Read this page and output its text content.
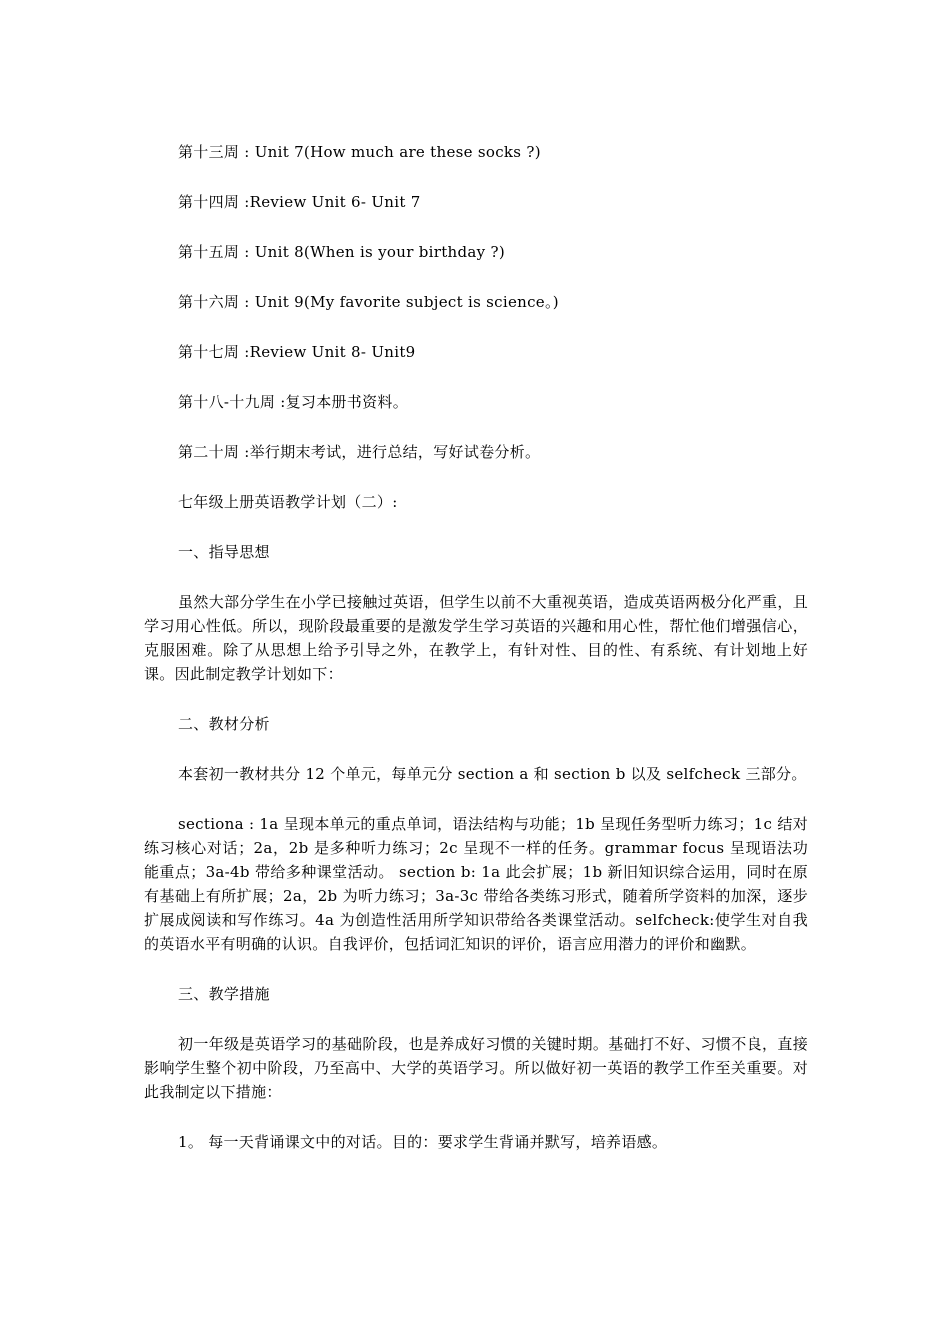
第十三周 : Unit 7(How much are these socks ?)

第十四周 :Review Unit 6- Unit 7

第十五周 : Unit 8(When is your birthday ?)

第十六周 : Unit 9(My favorite subject is science。)

第十七周 :Review Unit 8- Unit9

第十八-十九周 :复习本册书资料。

第二十周 :举行期末考试，进行总结，写好试卷分析。

七年级上册英语教学计划（二）:

一、指导思想

虽然大部分学生在小学已接触过英语，但学生以前不大重视英语，造成英语两极分化严重，且学习用心性低。所以，现阶段最重要的是激发学生学习英语的兴趣和用心性，帮忙他们增强信心，克服困难。除了从思想上给予引导之外，在教学上，有针对性、目的性、有系统、有计划地上好课。因此制定教学计划如下：

二、教材分析

本套初一教材共分 12 个单元，每单元分 section a 和 section b 以及 selfcheck 三部分。

sectiona : 1a 呈现本单元的重点单词，语法结构与功能；1b 呈现任务型听力练习；1c 结对练习核心对话；2a，2b 是多种听力练习；2c 呈现不一样的任务。grammar focus 呈现语法功能重点；3a-4b 带给多种课堂活动。 section b: 1a 此会扩展；1b 新旧知识综合运用，同时在原有基础上有所扩展；2a，2b 为听力练习；3a-3c 带给各类练习形式，随着所学资料的加深，逐步扩展成阅读和写作练习。4a 为创造性活用所学知识带给各类课堂活动。selfcheck:使学生对自我的英语水平有明确的认识。自我评价，包括词汇知识的评价，语言应用潜力的评价和幽默。

三、教学措施

初一年级是英语学习的基础阶段，也是养成好习惯的关键时期。基础打不好、习惯不良，直接影响学生整个初中阶段，乃至高中、大学的英语学习。所以做好初一英语的教学工作至关重要。对此我制定以下措施：

1。 每一天背诵课文中的对话。目的：要求学生背诵并默写，培养语感。
